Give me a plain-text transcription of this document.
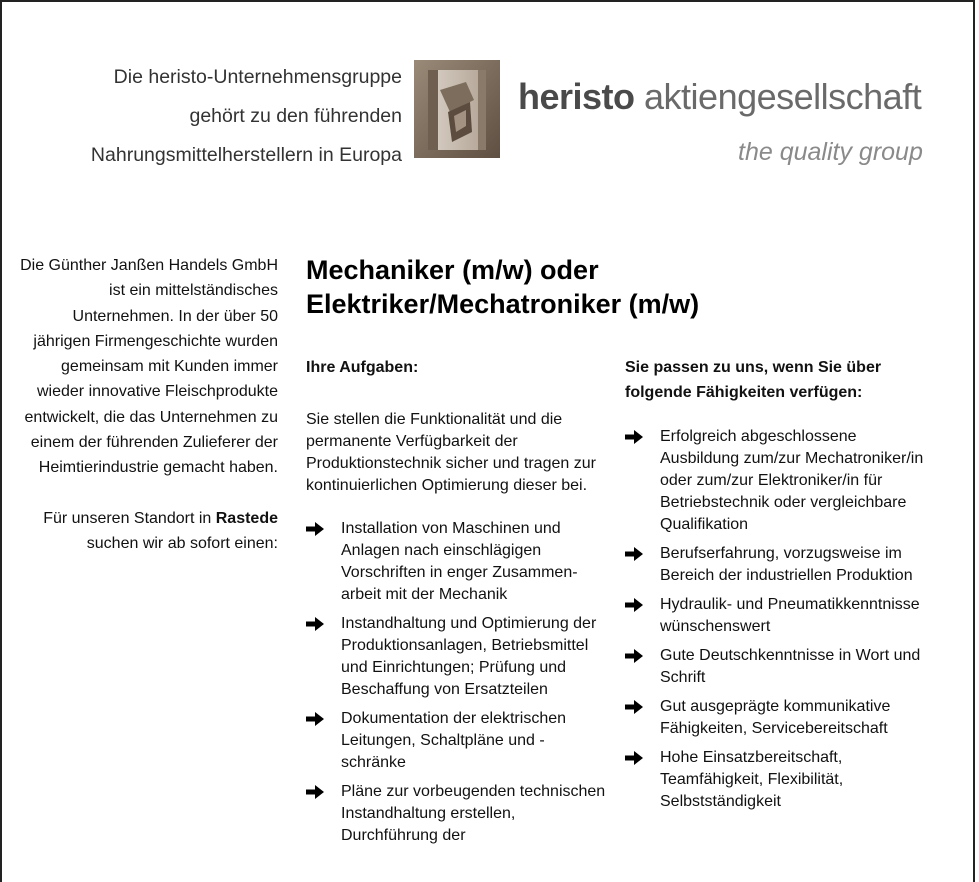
Die heristo-Unternehmensgruppe
gehört zu den führenden
Nahrungsmittelherstellern in Europa
heristo aktiengesellschaft
the quality group

Die Günther Janßen Handels GmbH ist ein mittelständisches Unternehmen. In der über 50 jährigen Firmengeschichte wurden gemeinsam mit Kunden immer wieder innovative Fleischprodukte entwickelt, die das Unternehmen zu einem der führenden Zulieferer der Heimtierindustrie gemacht haben.

Für unseren Standort in Rastede suchen wir ab sofort einen:

Mechaniker (m/w) oder
Elektriker/Mechatroniker (m/w)

Ihre Aufgaben:

Sie stellen die Funktionalität und die permanente Verfügbarkeit der Produktionstechnik sicher und tragen zur kontinuierlichen Optimierung dieser bei.

Installation von Maschinen und Anlagen nach einschlägigen Vorschriften in enger Zusammen-arbeit mit der Mechanik
Instandhaltung und Optimierung der Produktionsanlagen, Betriebsmittel und Einrichtungen; Prüfung und Beschaffung von Ersatzteilen
Dokumentation der elektrischen Leitungen, Schaltpläne und -schränke
Pläne zur vorbeugenden technischen Instandhaltung erstellen, Durchführung der

Sie passen zu uns, wenn Sie über folgende Fähigkeiten verfügen:

Erfolgreich abgeschlossene Ausbildung zum/zur Mechatroniker/in oder zum/zur Elektroniker/in für Betriebstechnik oder vergleichbare Qualifikation
Berufserfahrung, vorzugsweise im Bereich der industriellen Produktion
Hydraulik- und Pneumatikkenntnisse wünschenswert
Gute Deutschkenntnisse in Wort und Schrift
Gut ausgeprägte kommunikative Fähigkeiten, Servicebereitschaft
Hohe Einsatzbereitschaft, Teamfähigkeit, Flexibilität, Selbstständigkeit
